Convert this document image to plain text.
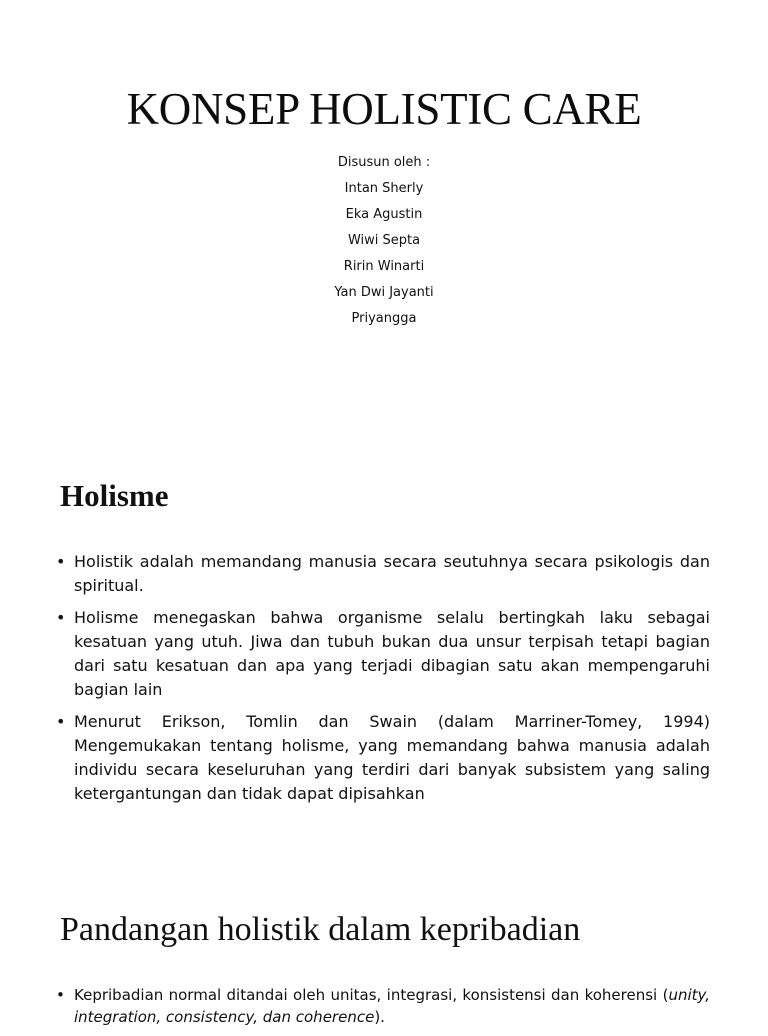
KONSEP HOLISTIC CARE
Disusun oleh :
Intan Sherly
Eka Agustin
Wiwi Septa
Ririn Winarti
Yan Dwi Jayanti
Priyangga
Holisme
• Holistik adalah memandang manusia secara seutuhnya secara psikologis dan spiritual.
• Holisme menegaskan bahwa organisme selalu bertingkah laku sebagai kesatuan yang utuh. Jiwa dan tubuh bukan dua unsur terpisah tetapi bagian dari satu kesatuan dan apa yang terjadi dibagian satu akan mempengaruhi bagian lain
• Menurut Erikson, Tomlin dan Swain (dalam Marriner-Tomey, 1994) Mengemukakan tentang holisme, yang memandang bahwa manusia adalah individu secara keseluruhan yang terdiri dari banyak subsistem yang saling ketergantungan dan tidak dapat dipisahkan
Pandangan holistik dalam kepribadian
• Kepribadian normal ditandai oleh unitas, integrasi, konsistensi dan koherensi (unity, integration, consistency, dan coherence).
